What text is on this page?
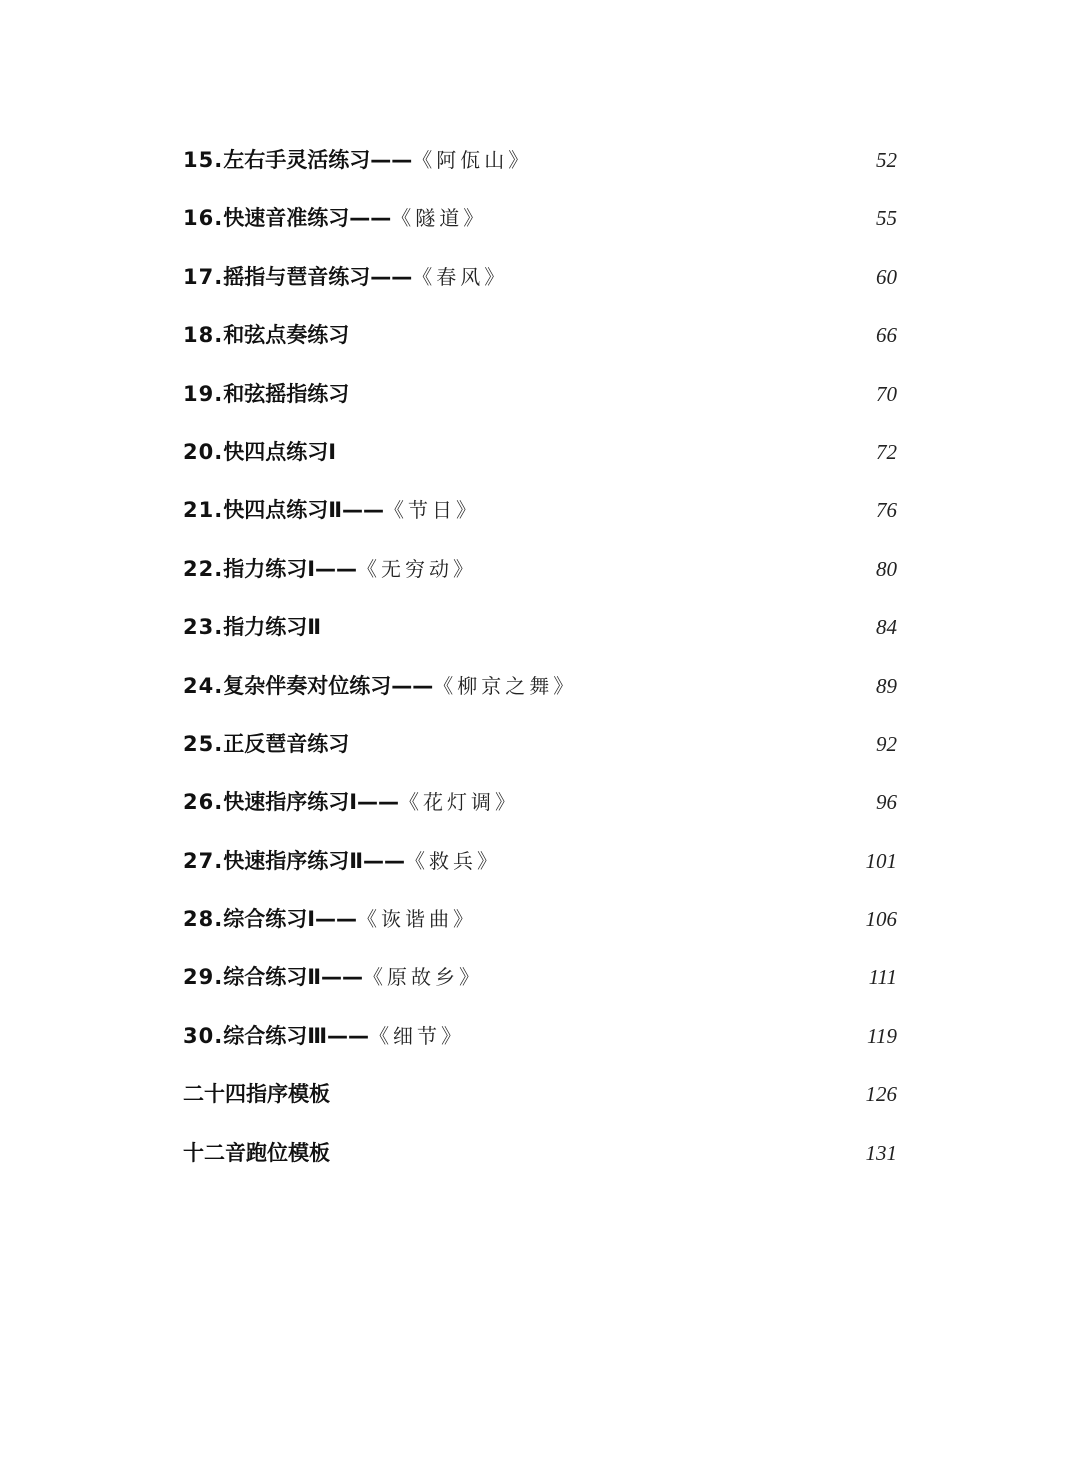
15.左右手灵活练习——《阿佤山》	52
16.快速音准练习——《隧道》	55
17.摇指与琶音练习——《春风》	60
18.和弦点奏练习	66
19.和弦摇指练习	70
20.快四点练习Ⅰ	72
21.快四点练习Ⅱ——《节日》	76
22.指力练习Ⅰ——《无穷动》	80
23.指力练习Ⅱ	84
24.复杂伴奏对位练习——《柳京之舞》	89
25.正反琶音练习	92
26.快速指序练习Ⅰ——《花灯调》	96
27.快速指序练习Ⅱ——《救兵》	101
28.综合练习Ⅰ——《诙谐曲》	106
29.综合练习Ⅱ——《原故乡》	111
30.综合练习Ⅲ——《细节》	119
二十四指序模板	126
十二音跑位模板	131
